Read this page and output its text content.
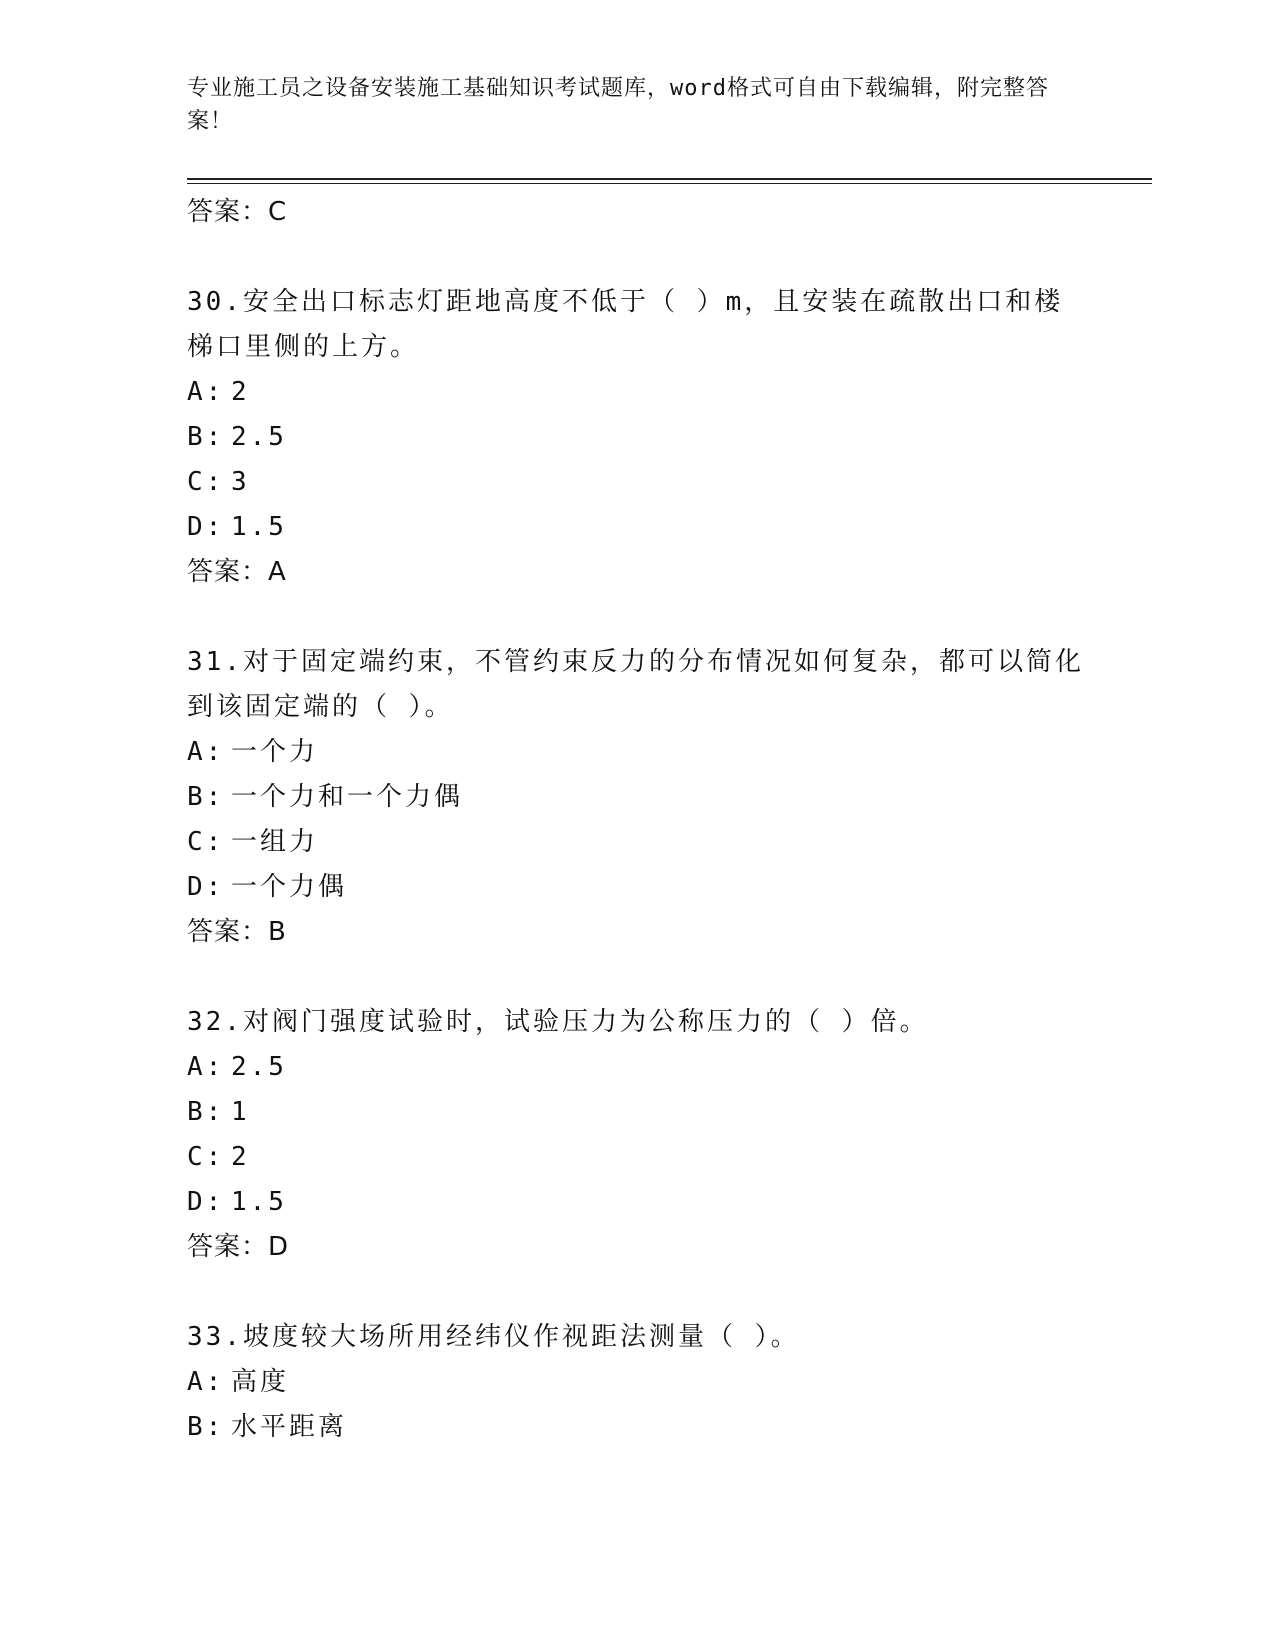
专业施工员之设备安装施工基础知识考试题库，word格式可自由下载编辑，附完整答案！
答案：C

30.安全出口标志灯距地高度不低于（ ）m，且安装在疏散出口和楼梯口里侧的上方。

A: 2
B: 2.5
C: 3
D: 1.5
答案：A

31.对于固定端约束，不管约束反力的分布情况如何复杂，都可以简化到该固定端的（ ）。

A: 一个力
B: 一个力和一个力偶
C: 一组力
D: 一个力偶
答案：B

32.对阀门强度试验时，试验压力为公称压力的（ ）倍。

A: 2.5
B: 1
C: 2
D: 1.5
答案：D

33.坡度较大场所用经纬仪作视距法测量（ ）。

A: 高度
B: 水平距离
